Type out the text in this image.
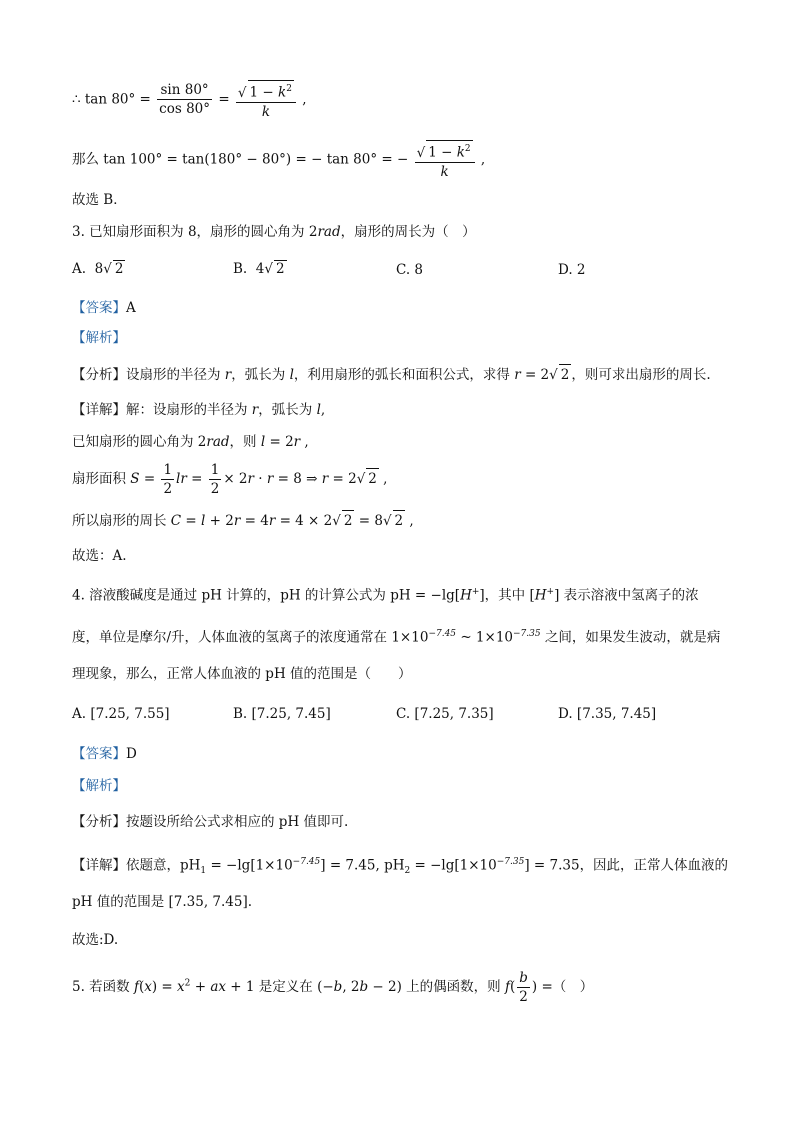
∴ $\tan 80^\circ = \frac{\sin 80^\circ}{\cos 80^\circ} = \frac{√ 1 - k^2}{k}$ ,
那么 tan 100° = tan(180° − 80°) = − tan 80° = − $\frac{√ 1 - k^2}{k}$ ,
故选 B．
3. 已知扇形面积为 8，扇形的圆心角为 2rad，扇形的周长为（　）
A.  8√ 2	B.  4√ 2	C. 8	D. 2
【答案】A
【解析】
【分析】设扇形的半径为 r，弧长为 l，利用扇形的弧长和面积公式，求得 r = 2√ 2 ，则可求出扇形的周长.
【详解】解：设扇形的半径为 r，弧长为 l,
已知扇形的圆心角为 2rad，则 l = 2r ,
扇形面积 $S = \frac{1}{2}$ lr = $\frac{1}{2} \times 2r \cdot r = 8$ ⇒ r = 2√ 2 ,
所以扇形的周长 C = l + 2r = 4r = 4 × 2√ 2 = 8√ 2 ,
故选：A.
4. 溶液酸碱度是通过 pH 计算的，pH 的计算公式为 pH = −lg[H+]，其中 [H+] 表示溶液中氢离子的浓
度，单位是摩尔/升，人体血液的氢离子的浓度通常在 $1\times 10^{-7.45}$ ~ $1\times 10^{-7.35}$ 之间，如果发生波动，就是病
理现象，那么，正常人体血液的 pH 值的范围是（　　）
A. [7.25, 7.55]	B. [7.25, 7.45]	C. [7.25, 7.35]	D. [7.35, 7.45]
【答案】D
【解析】
【分析】按题设所给公式求相应的 pH 值即可.
【详解】依题意，$pH_1 = -\lg[1\times 10^{-7.45}] = 7.45$, $pH_2 = -\lg[1\times 10^{-7.35}] = 7.35$，因此，正常人体血液的
pH 值的范围是 [7.35, 7.45].
故选:D.
5. 若函数 $f(x) = x^2$ + ax + 1 是定义在 (−b, 2b − 2) 上的偶函数，则 $f( \frac{b}{2}$ ) =（　）
